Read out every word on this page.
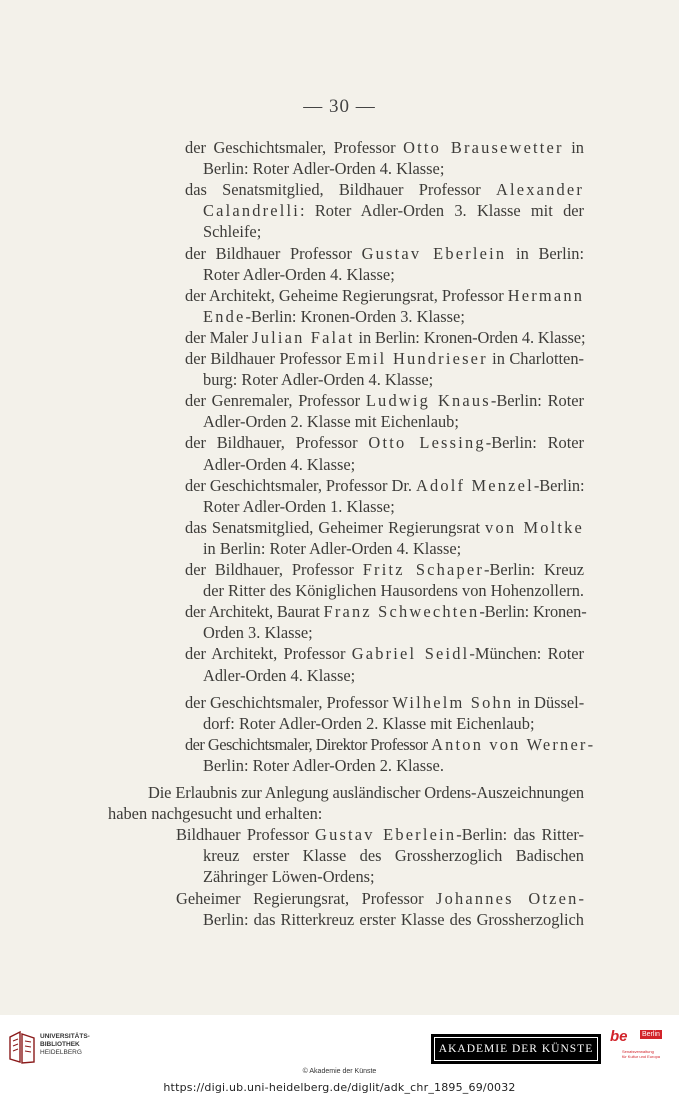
— 30 —
der Geschichtsmaler, Professor Otto Brausewetter in
Berlin: Roter Adler-Orden 4. Klasse;
das Senatsmitglied, Bildhauer Professor Alexander
Calandrelli: Roter Adler-Orden 3. Klasse mit der
Schleife;
der Bildhauer Professor Gustav Eberlein in Berlin:
Roter Adler-Orden 4. Klasse;
der Architekt, Geheime Regierungsrat, Professor Hermann
Ende-Berlin: Kronen-Orden 3. Klasse;
der Maler Julian Falat in Berlin: Kronen-Orden 4. Klasse;
der Bildhauer Professor Emil Hundrieser in Charlotten-
burg: Roter Adler-Orden 4. Klasse;
der Genremaler, Professor Ludwig Knaus-Berlin: Roter
Adler-Orden 2. Klasse mit Eichenlaub;
der Bildhauer, Professor Otto Lessing-Berlin: Roter
Adler-Orden 4. Klasse;
der Geschichtsmaler, Professor Dr. Adolf Menzel-Berlin:
Roter Adler-Orden 1. Klasse;
das Senatsmitglied, Geheimer Regierungsrat von Moltke
in Berlin: Roter Adler-Orden 4. Klasse;
der Bildhauer, Professor Fritz Schaper-Berlin: Kreuz
der Ritter des Königlichen Hausordens von Hohenzollern.
der Architekt, Baurat Franz Schwechten-Berlin: Kronen-
Orden 3. Klasse;
der Architekt, Professor Gabriel Seidl-München: Roter
Adler-Orden 4. Klasse;
der Geschichtsmaler, Professor Wilhelm Sohn in Düssel-
dorf: Roter Adler-Orden 2. Klasse mit Eichenlaub;
der Geschichtsmaler, Direktor Professor Anton von Werner-
Berlin: Roter Adler-Orden 2. Klasse.
Die Erlaubnis zur Anlegung ausländischer Ordens-Auszeichnungen
haben nachgesucht und erhalten:
Bildhauer Professor Gustav Eberlein-Berlin: das Ritter-
kreuz erster Klasse des Grossherzoglich Badischen
Zähringer Löwen-Ordens;
Geheimer Regierungsrat, Professor Johannes Otzen-
Berlin: das Ritterkreuz erster Klasse des Grossherzoglich
UNIVERSITÄTS-
BIBLIOTHEK
HEIDELBERG	AKADEMIE DER KÜNSTE
be Berlin
Senatsverwaltung
für Kultur und Europa
© Akademie der Künste
https://digi.ub.uni-heidelberg.de/diglit/adk_chr_1895_69/0032
